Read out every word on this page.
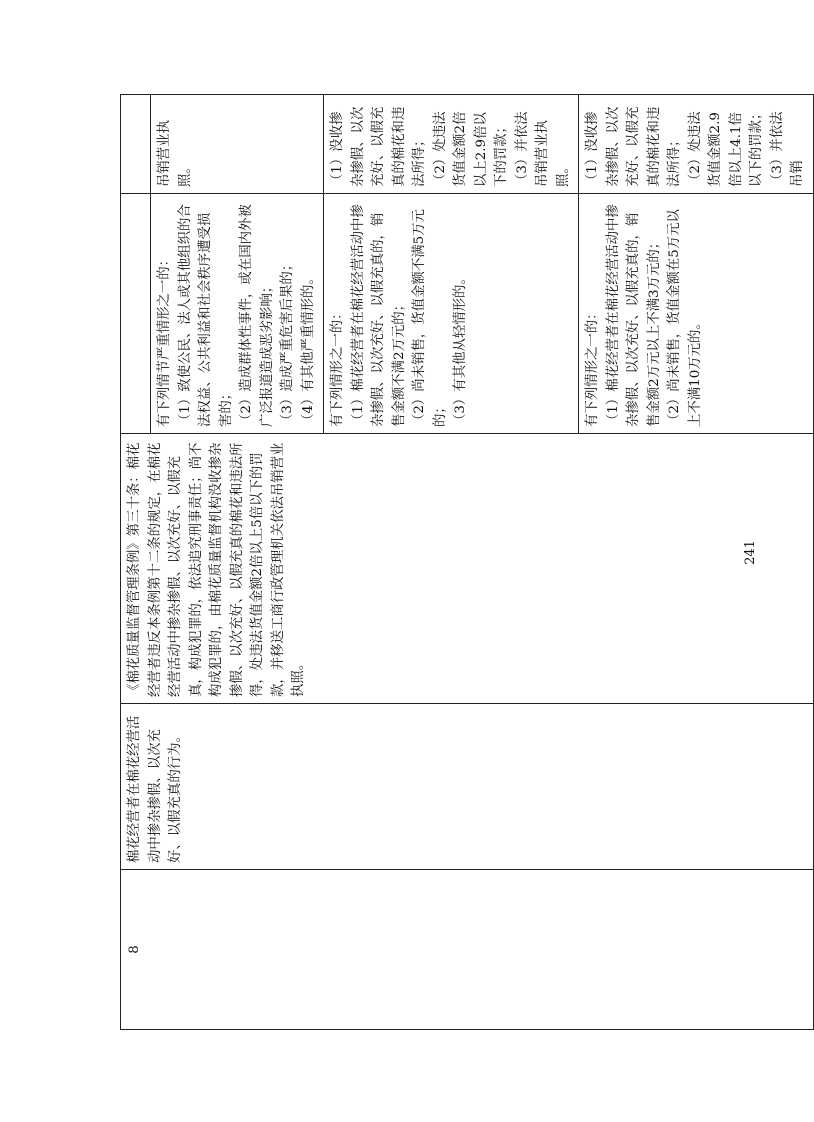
8	棉花经营者在棉花经营活动中掺杂掺假、以次充好、以假充真的行为。	《棉花质量监督管理条例》第三十条：棉花经营者违反本条例第十二条的规定，在棉花经营活动中掺杂掺假、以次充好、以假充真，构成犯罪的，依法追究刑事责任；尚不构成犯罪的，由棉花质量监督机构没收掺杂掺假、以次充好、以假充真的棉花和违法所得，处违法货值金额2倍以上5倍以下的罚款，并移送工商行政管理机关依法吊销营业执照。		

			有下列情节严重情形之一的： （1）致使公民、法人或其他组织的合法权益、公共利益和社会秩序遭受损害的； （2）造成群体性事件，或在国内外被广泛报道造成恶劣影响； （3）造成严重危害后果的； （4）有其他严重情形的。	吊销营业执照。

			有下列情形之一的： （1）棉花经营者在棉花经营活动中掺杂掺假、以次充好、以假充真的，销售金额不满2万元的； （2）尚未销售，货值金额不满5万元的； （3）有其他从轻情形的。	（1）没收掺杂掺假、以次充好、以假充真的棉花和违法所得； （2）处违法货值金额2倍以上2.9倍以下的罚款； （3）并依法吊销营业执照。

			有下列情形之一的： （1）棉花经营者在棉花经营活动中掺杂掺假、以次充好、以假充真的，销售金额2万元以上不满3万元的； （2）尚未销售，货值金额在5万元以上不满10万元的。	（1）没收掺杂掺假、以次充好、以假充真的棉花和违法所得； （2）处违法货值金额2.9倍以上4.1倍以下的罚款； （3）并依法吊销
241
